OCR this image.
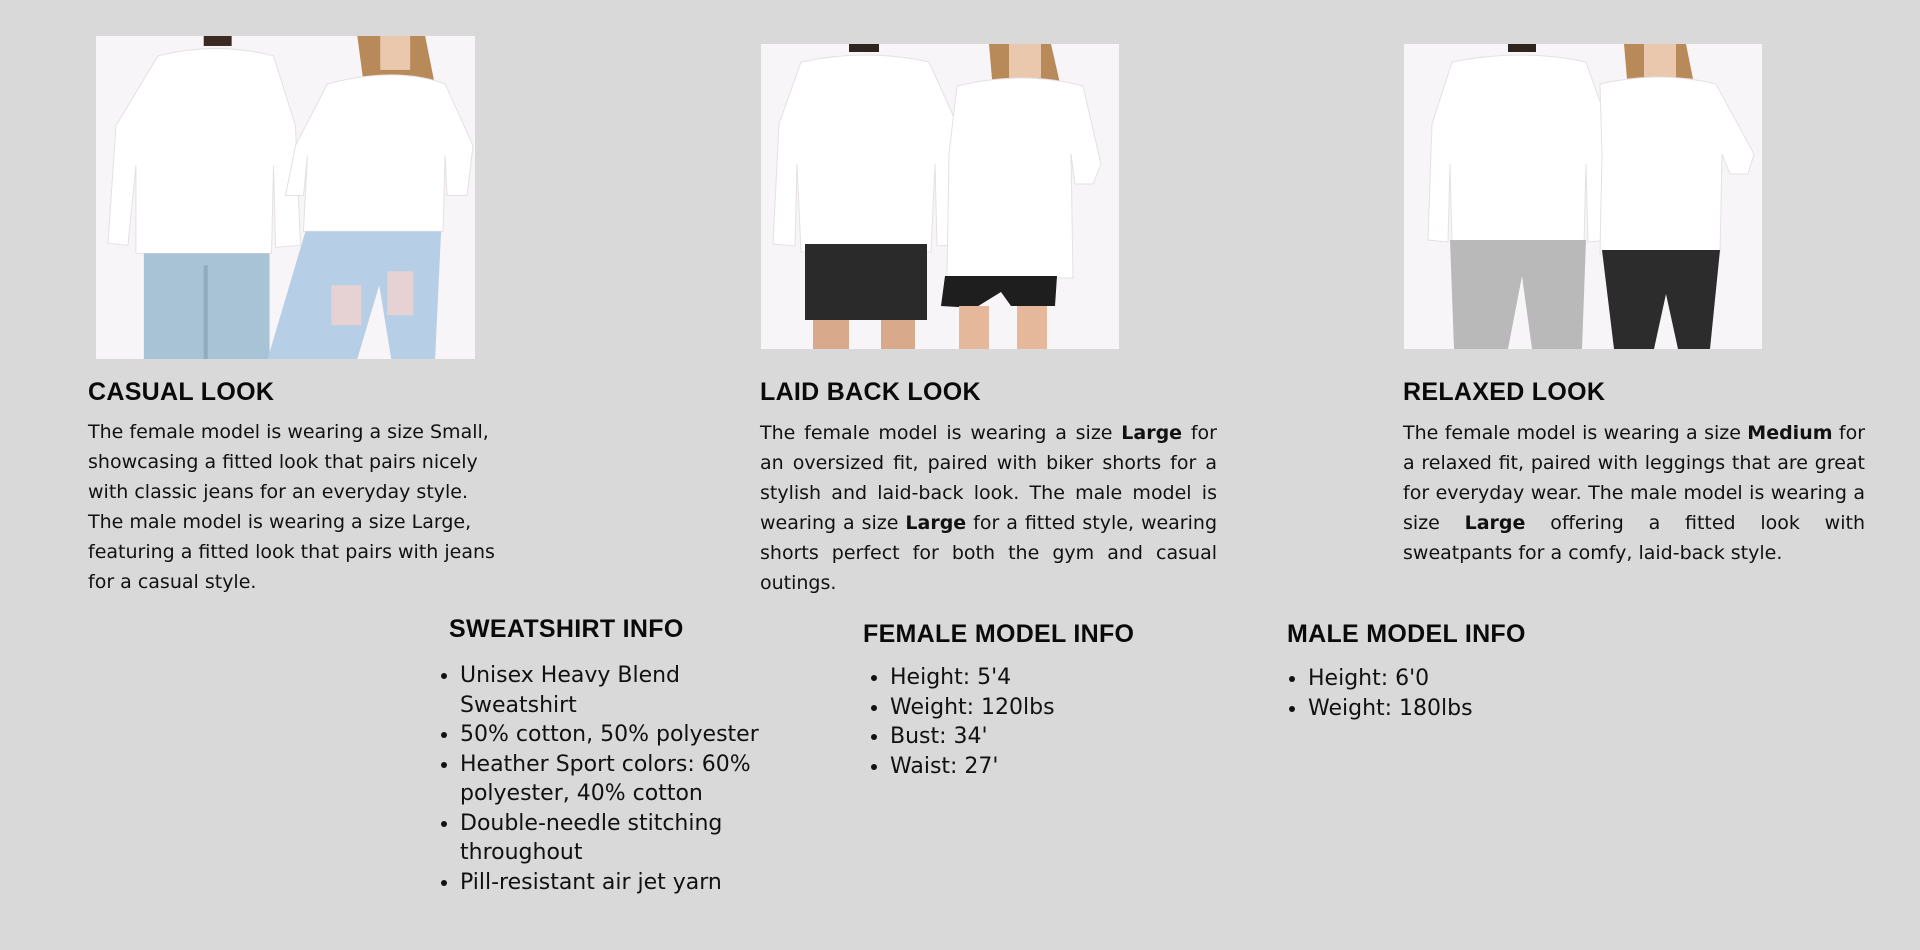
CASUAL LOOK

The female model is wearing a size Small, showcasing a fitted look that pairs nicely with classic jeans for an everyday style. The male model is wearing a size Large, featuring a fitted look that pairs with jeans for a casual style.

LAID BACK LOOK

The female model is wearing a size Large for an oversized fit, paired with biker shorts for a stylish and laid-back look. The male model is wearing a size Large for a fitted style, wearing shorts perfect for both the gym and casual outings.

RELAXED LOOK

The female model is wearing a size Medium for a relaxed fit, paired with leggings that are great for everyday wear. The male model is wearing a size Large offering a fitted look with sweatpants for a comfy, laid-back style.

SWEATSHIRT INFO
• Unisex Heavy Blend Sweatshirt
• 50% cotton, 50% polyester
• Heather Sport colors: 60% polyester, 40% cotton
• Double-needle stitching throughout
• Pill-resistant air jet yarn
FEMALE MODEL INFO
• Height: 5'4
• Weight: 120lbs
• Bust: 34'
• Waist: 27'
MALE MODEL INFO
• Height: 6'0
• Weight: 180lbs
